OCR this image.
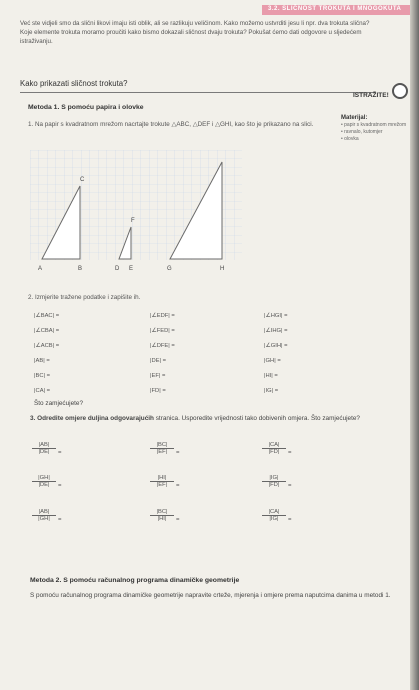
3.2. SLIČNOST TROKUTA I MNOGOKUTA
Već ste vidjeli smo da slični likovi imaju isti oblik, ali se razlikuju veličinom. Kako možemo ustvrditi jesu li npr. dva trokuta slična? Koje elemente trokuta moramo proučiti kako bismo dokazali sličnost dvaju trokuta? Pokušat ćemo dati odgovore u sljedećem istraživanju.
Kako prikazati sličnost trokuta?
ISTRAŽITE!
Metoda 1. S pomoću papira i olovke
1. Na papir s kvadratnom mrežom nacrtajte trokute △ABC, △DEF i △GHI, kao što je prikazano na slici.
Materijal:
• papir s kvadratnom mrežom
• ravnalo, kutomjer
• olovka
C
A	B
F
D E	G	H
2. Izmjerite tražene podatke i zapišite ih.
|∠BAC| =	|∠EDF| =	|∠HGI| =
|∠CBA| =	|∠FED| =	|∠IHG| =
|∠ACB| =	|∠DFE| =	|∠GIH| =
|AB| =	|DE| =	|GH| =
|BC| =	|EF| =	|HI| =
|CA| =	|FD| =	|IG| =
Što zamjećujete?
3. Odredite omjere duljina odgovarajućih stranica. Usporedite vrijednosti tako dobivenih omjera. Što zamjećujete?
$\frac{|AB|}{|DE|}$ =	$\frac{|BC|}{|EF|}$ =	$\frac{|CA|}{|FD|}$ =
$\frac{|GH|}{|DE|}$ =	$\frac{|HI|}{|EF|}$ =	$\frac{|IG|}{|FD|}$ =
$\frac{|AB|}{|GH|}$ =	$\frac{|BC|}{|HI|}$ =	$\frac{|CA|}{|IG|}$ =
Metoda 2. S pomoću računalnog programa dinamičke geometrije
S pomoću računalnog programa dinamičke geometrije napravite crteže, mjerenja i omjere prema naputcima danima u metodi 1.
